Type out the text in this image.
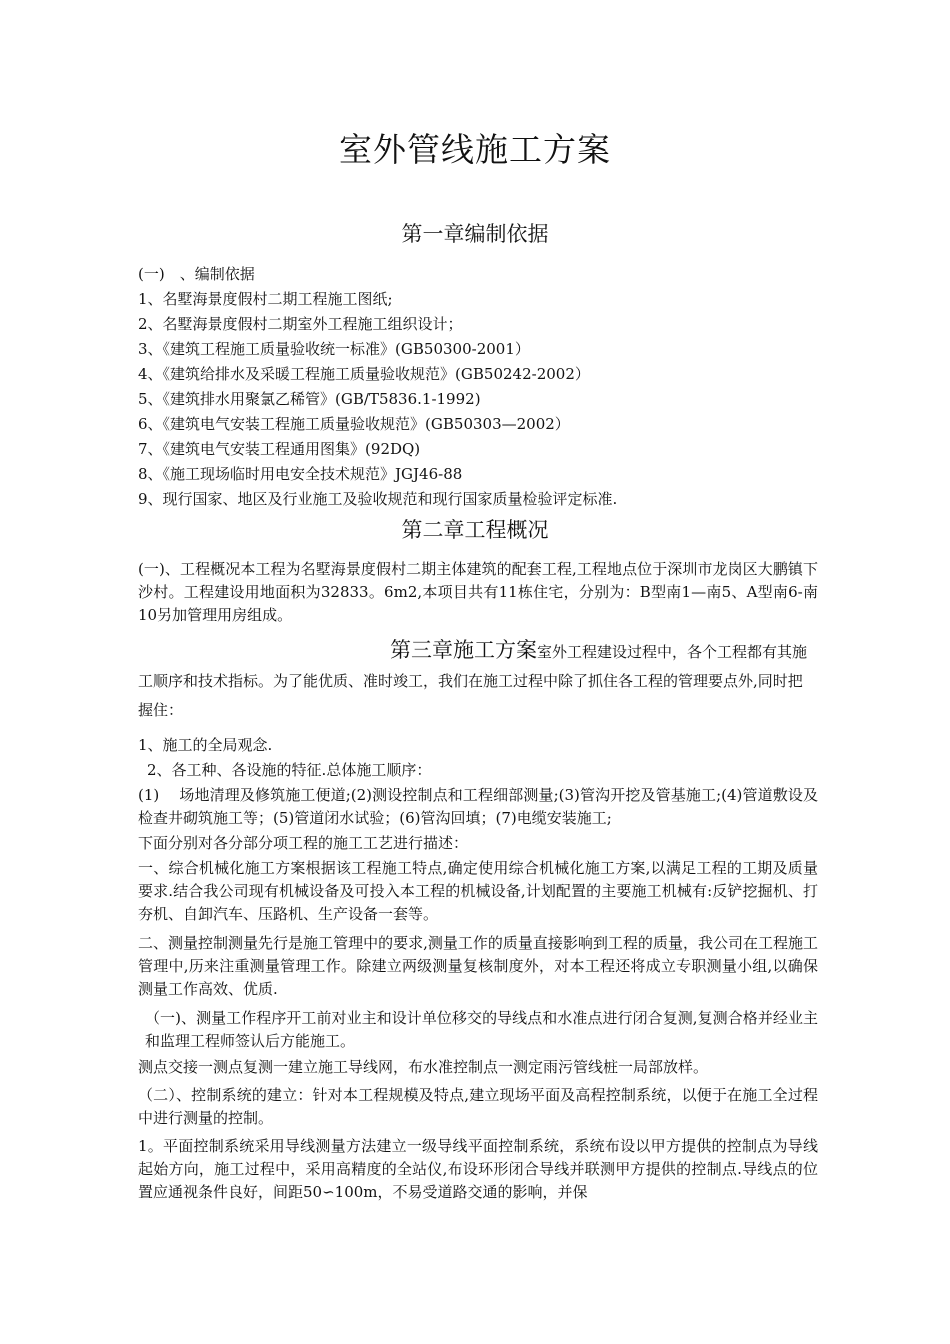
室外管线施工方案
第一章编制依据
(一)　、编制依据
1、名墅海景度假村二期工程施工图纸;
2、名墅海景度假村二期室外工程施工组织设计；
3、《建筑工程施工质量验收统一标准》(GB50300-2001）
4、《建筑给排水及采暖工程施工质量验收规范》(GB50242-2002）
5、《建筑排水用聚氯乙稀管》(GB/T5836.1-1992)
6、《建筑电气安装工程施工质量验收规范》(GB50303—2002）
7、《建筑电气安装工程通用图集》(92DQ)
8、《施工现场临时用电安全技术规范》JGJ46-88
9、现行国家、地区及行业施工及验收规范和现行国家质量检验评定标准.
第二章工程概况
(一)、工程概况本工程为名墅海景度假村二期主体建筑的配套工程,工程地点位于深圳市龙岗区大鹏镇下沙村。工程建设用地面积为32833。6m2,本项目共有11栋住宅，分别为：B型南1—南5、A型南6-南10另加管理用房组成。
第三章施工方案室外工程建设过程中，各个工程都有其施工顺序和技术指标。为了能优质、准时竣工，我们在施工过程中除了抓住各工程的管理要点外,同时把握住：
1、施工的全局观念.
2、各工种、各设施的特征.总体施工顺序：
(1)　 场地清理及修筑施工便道;(2)测设控制点和工程细部测量;(3)管沟开挖及管基施工;(4)管道敷设及检查井砌筑施工等；(5)管道闭水试验；(6)管沟回填；(7)电缆安装施工;
下面分别对各分部分项工程的施工工艺进行描述：
一、综合机械化施工方案根据该工程施工特点,确定使用综合机械化施工方案,以满足工程的工期及质量要求.结合我公司现有机械设备及可投入本工程的机械设备,计划配置的主要施工机械有:反铲挖掘机、打夯机、自卸汽车、压路机、生产设备一套等。
二、测量控制测量先行是施工管理中的要求,测量工作的质量直接影响到工程的质量，我公司在工程施工管理中,历来注重测量管理工作。除建立两级测量复核制度外，对本工程还将成立专职测量小组,以确保测量工作高效、优质.
（一)、测量工作程序开工前对业主和设计单位移交的导线点和水准点进行闭合复测,复测合格并经业主和监理工程师签认后方能施工。
测点交接一测点复测一建立施工导线网，布水准控制点一测定雨污管线桩一局部放样。
（二）、控制系统的建立：针对本工程规模及特点,建立现场平面及高程控制系统，以便于在施工全过程中进行测量的控制。
1。平面控制系统采用导线测量方法建立一级导线平面控制系统，系统布设以甲方提供的控制点为导线起始方向，施工过程中，采用高精度的全站仪,布设环形闭合导线并联测甲方提供的控制点.导线点的位置应通视条件良好，间距50∽100m，不易受道路交通的影响，并保
